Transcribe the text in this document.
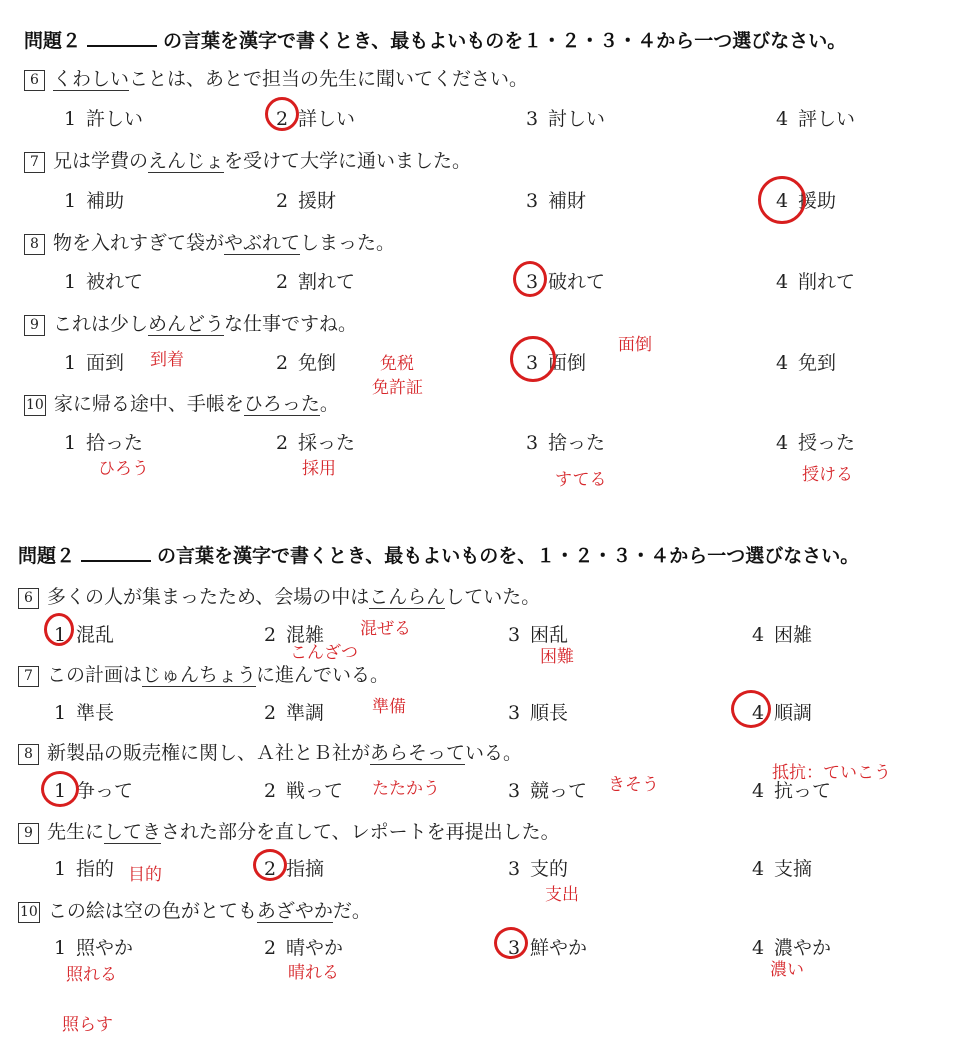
問題２	の言葉を漢字で書くとき、最もよいものを１・２・３・４から一つ選びなさい。
6 くわしいことは、あとで担当の先生に聞いてください。
1 許しい	2 詳しい	3 討しい	4 評しい
7 兄は学費のえんじょを受けて大学に通いました。
1 補助	2 援財	3 補財	4 援助
8 物を入れすぎて袋がやぶれてしまった。
1 被れて	2 割れて	3 破れて	4 削れて
9 これは少しめんどうな仕事ですね。
1 面到	2 免倒	3 面倒	4 免到
10 家に帰る途中、手帳をひろった。
1 拾った	2 採った	3 捨った	4 授った
到着	免税
免許証
面倒
ひろう	採用
すてる	授ける
問題２	の言葉を漢字で書くとき、最もよいものを、１・２・３・４から一つ選びなさい。
6 多くの人が集まったため、会場の中はこんらんしていた。
1 混乱	2 混雑	3 困乱	4 困雑
7 この計画はじゅんちょうに進んでいる。
1 準長	2 準調	3 順長	4 順調
8 新製品の販売権に関し、Ａ社とＢ社があらそっている。
1 争って	2 戦って	3 競って	4 抗って
9 先生にしてきされた部分を直して、レポートを再提出した。
1 指的	2 指摘	3 支的	4 支摘
10 この絵は空の色がとてもあざやかだ。
1 照やか	2 晴やか	3 鮮やか	4 濃やか
混ぜる
こんざつ	困難
準備
たたかう	きそう
抵抗：ていこう
目的
支出
照れる	晴れる	濃い
照らす
